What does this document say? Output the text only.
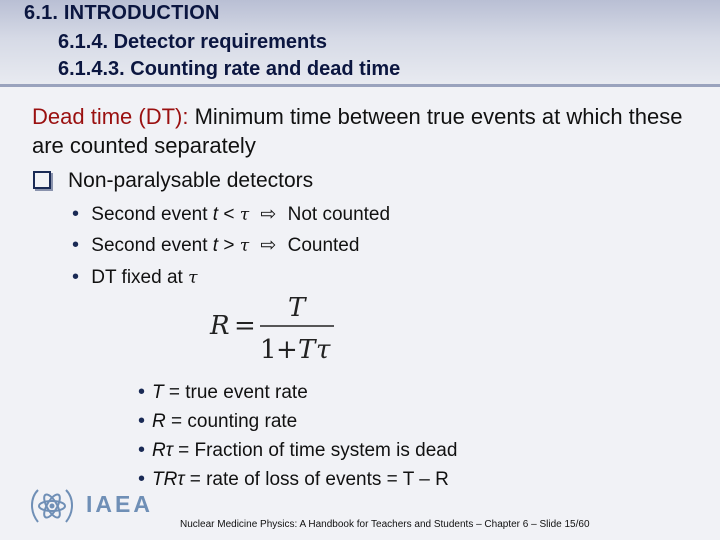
6.1. INTRODUCTION
6.1.4. Detector requirements
6.1.4.3. Counting rate and dead time
Dead time (DT): Minimum time between true events at which these are counted separately
Non-paralysable detectors
• Second event t < τ ⇨ Not counted
• Second event t > τ ⇨ Counted
• DT fixed at τ
R =
T
1 + T τ
• T = true event rate
• R = counting rate
• Rτ = Fraction of time system is dead
• TRτ = rate of loss of events = T – R
IAEA
Nuclear Medicine Physics: A Handbook for Teachers and Students – Chapter 6 – Slide 15/60
